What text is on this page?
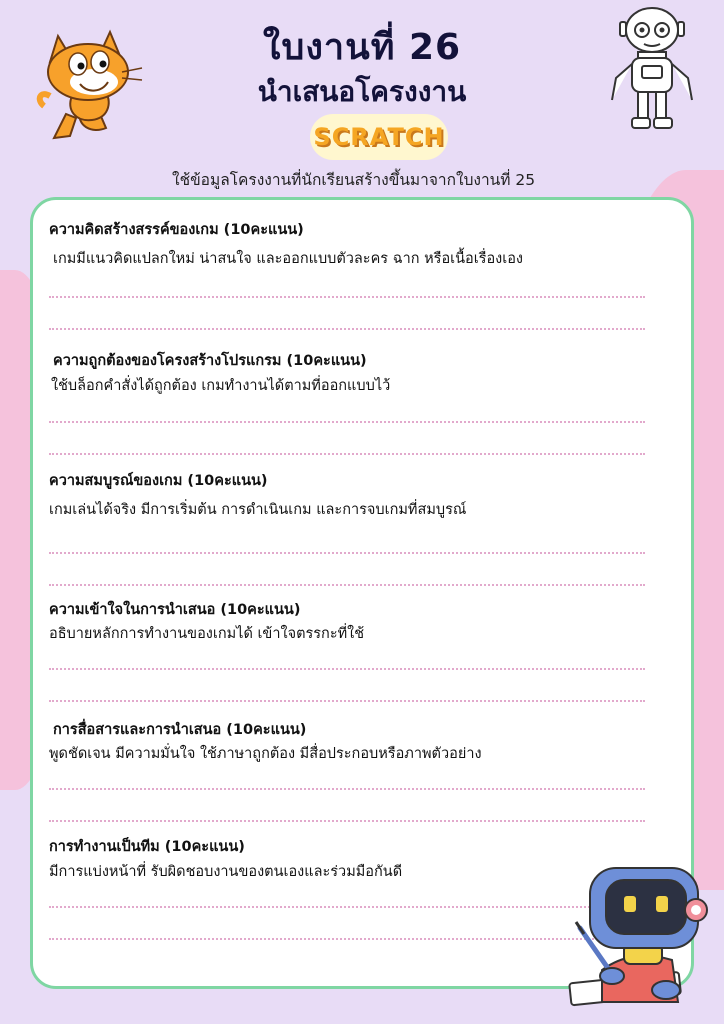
ใบงานที่ 26
นำเสนอโครงงาน
SCRATCH
ใช้ข้อมูลโครงงานที่นักเรียนสร้างขึ้นมาจากใบงานที่ 25
ความคิดสร้างสรรค์ของเกม (10คะแนน)
เกมมีแนวคิดแปลกใหม่ น่าสนใจ และออกแบบตัวละคร ฉาก หรือเนื้อเรื่องเอง
ความถูกต้องของโครงสร้างโปรแกรม (10คะแนน)
ใช้บล็อกคำสั่งได้ถูกต้อง เกมทำงานได้ตามที่ออกแบบไว้
ความสมบูรณ์ของเกม (10คะแนน)
เกมเล่นได้จริง มีการเริ่มต้น การดำเนินเกม และการจบเกมที่สมบูรณ์
ความเข้าใจในการนำเสนอ (10คะแนน)
อธิบายหลักการทำงานของเกมได้ เข้าใจตรรกะที่ใช้
การสื่อสารและการนำเสนอ (10คะแนน)
พูดชัดเจน มีความมั่นใจ ใช้ภาษาถูกต้อง มีสื่อประกอบหรือภาพตัวอย่าง
การทำงานเป็นทีม (10คะแนน)
มีการแบ่งหน้าที่ รับผิดชอบงานของตนเองและร่วมมือกันดี
